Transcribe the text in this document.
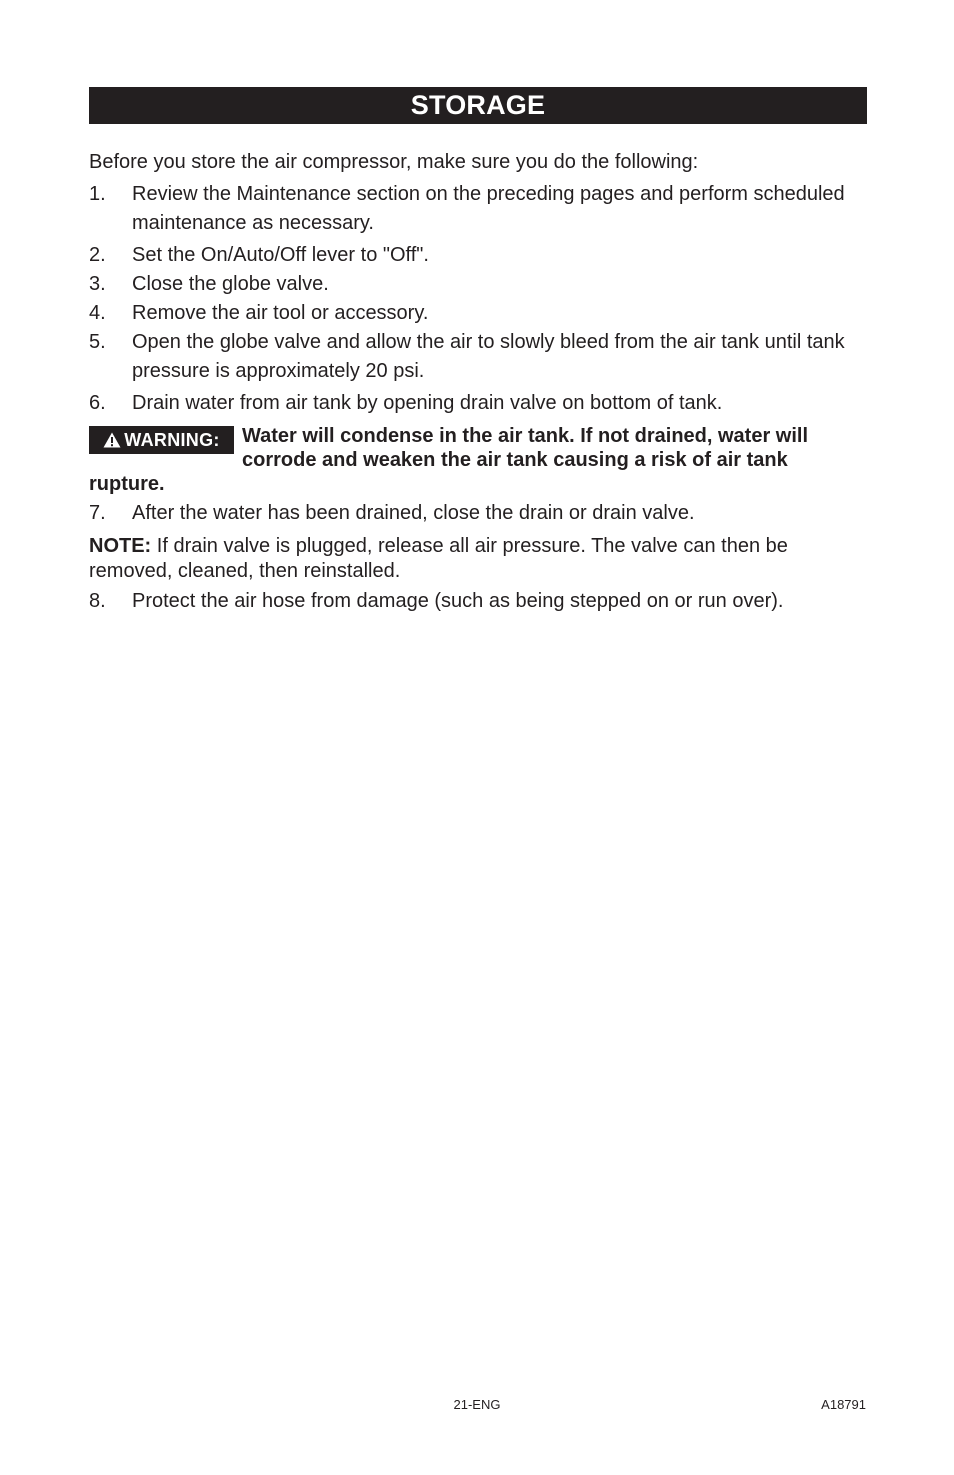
STORAGE

Before you store the air compressor, make sure you do the following:

1.	Review the Maintenance section on the preceding pages and perform scheduled maintenance as necessary.
2.	Set the On/Auto/Off lever to "Off".
3.	Close the globe valve.
4.	Remove the air tool or accessory.
5.	Open the globe valve and allow the air to slowly bleed from the air tank until tank pressure is approximately 20 psi.
6.	Drain water from air tank by opening drain valve on bottom of tank.
WARNING: Water will condense in the air tank. If not drained, water will corrode and weaken the air tank causing a risk of air tank rupture.
7.	After the water has been drained, close the drain or drain valve.
NOTE: If drain valve is plugged, release all air pressure. The valve can then be removed, cleaned, then reinstalled.
8.	Protect the air hose from damage (such as being stepped on or run over).
21-ENG	A18791
